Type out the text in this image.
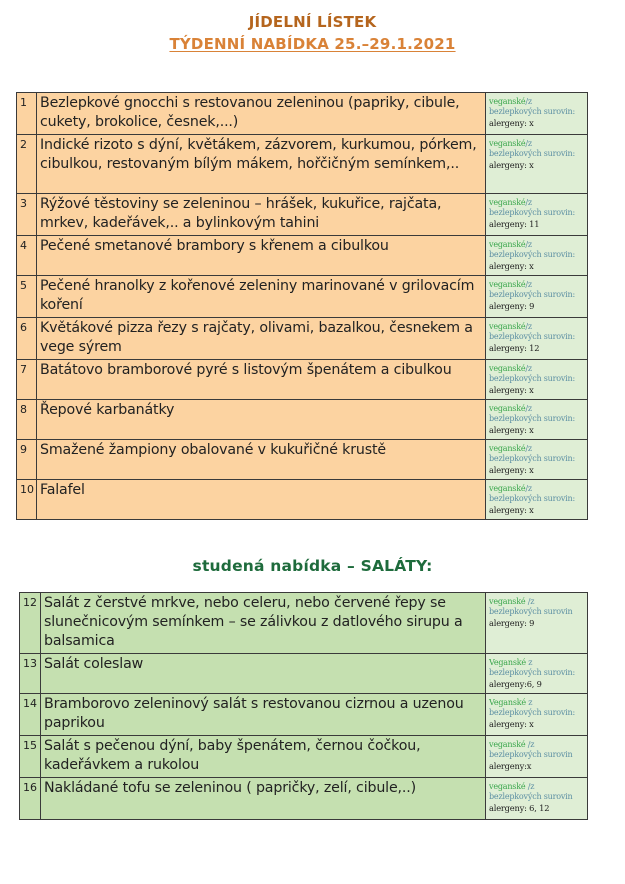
JÍDELNÍ LÍSTEK
TÝDENNÍ NABÍDKA 25.–29.1.2021
1	Bezlepkové gnocchi s restovanou zeleninou (papriky, cibule, cukety, brokolice, česnek,...)	veganské/z bezlepkových surovin:
alergeny: x
2	Indické rizoto s dýní, květákem, zázvorem, kurkumou, pórkem, cibulkou, restovaným bílým mákem, hořčičným semínkem,..	veganské/z bezlepkových surovin:
alergeny: x
3	Rýžové těstoviny se zeleninou – hrášek, kukuřice, rajčata, mrkev, kadeřávek,.. a bylinkovým tahini	veganské/z bezlepkových surovin:
alergeny: 11
4	Pečené smetanové brambory s křenem a cibulkou	veganské/z bezlepkových surovin:
alergeny: x
5	Pečené hranolky z kořenové zeleniny marinované v grilovacím koření	veganské/z bezlepkových surovin:
alergeny: 9
6	Květákové pizza řezy s rajčaty, olivami, bazalkou, česnekem a vege sýrem	veganské/z bezlepkových surovin:
alergeny: 12
7	Batátovo bramborové pyré s listovým špenátem a cibulkou	veganské/z bezlepkových surovin:
alergeny: x
8	Řepové karbanátky	veganské/z bezlepkových surovin:
alergeny: x
9	Smažené žampiony obalované v kukuřičné krustě	veganské/z bezlepkových surovin:
alergeny: x
10	Falafel	veganské/z bezlepkových surovin:
alergeny: x
studená nabídka – SALÁTY:
12	Salát z čerstvé mrkve, nebo celeru, nebo červené řepy se slunečnicovým semínkem – se zálivkou z datlového sirupu a balsamica	veganské /z bezlepkových surovin
alergeny: 9
13	Salát coleslaw	Veganské z bezlepkových surovin:
alergeny:6, 9
14	Bramborovo zeleninový salát s restovanou cizrnou a uzenou paprikou	Veganské z bezlepkových surovin:
alergeny: x
15	Salát s pečenou dýní, baby špenátem, černou čočkou, kadeřávkem a rukolou	veganské /z bezlepkových surovin
alergeny:x
16	Nakládané tofu se zeleninou ( papričky, zelí, cibule,..)	veganské /z bezlepkových surovin
alergeny: 6, 12
